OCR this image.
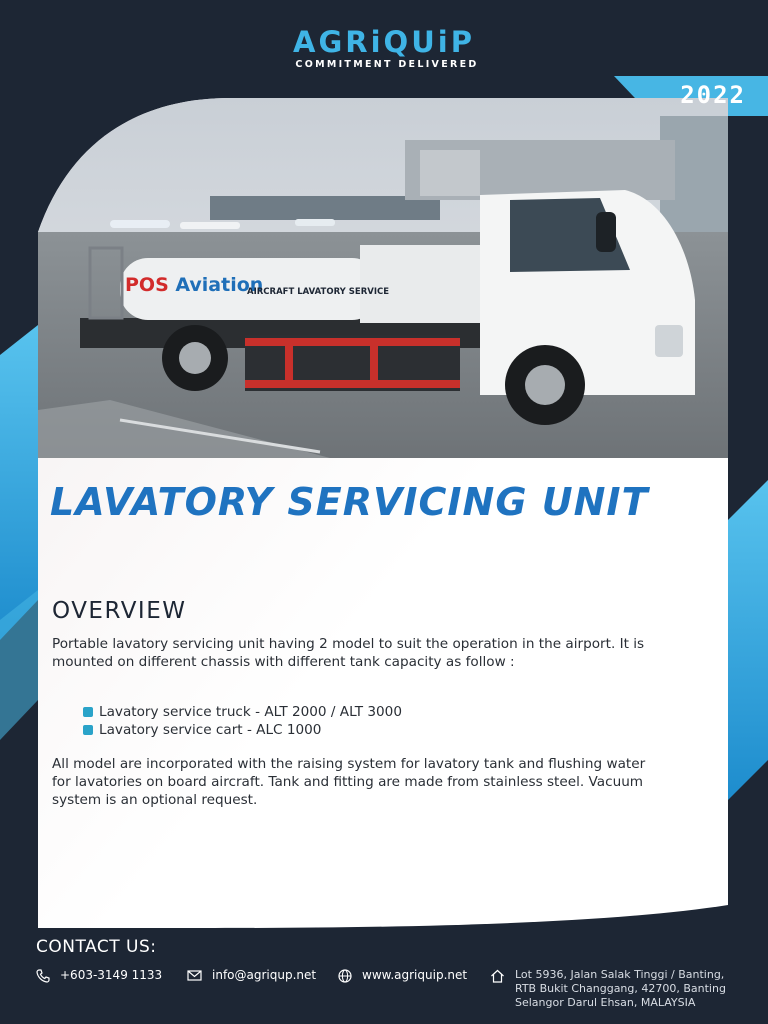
POS Aviation
AIRCRAFT LAVATORY SERVICE
AGRiQUiP
COMMITMENT DELIVERED
2022
LAVATORY SERVICING UNIT
OVERVIEW
Portable lavatory servicing unit having 2 model to suit the operation in the airport. It is mounted on different chassis with different tank capacity as follow :
Lavatory service truck - ALT 2000 / ALT 3000
Lavatory service cart - ALC 1000
All model are incorporated with the raising system for lavatory tank and flushing water for lavatories on board aircraft. Tank and fitting are made from stainless steel. Vacuum system is an optional request.
CONTACT US:
+603-3149 1133	info@agriqup.net	www.agriquip.net	Lot 5936, Jalan Salak Tinggi / Banting,
RTB Bukit Changgang, 42700, Banting
Selangor Darul Ehsan, MALAYSIA
